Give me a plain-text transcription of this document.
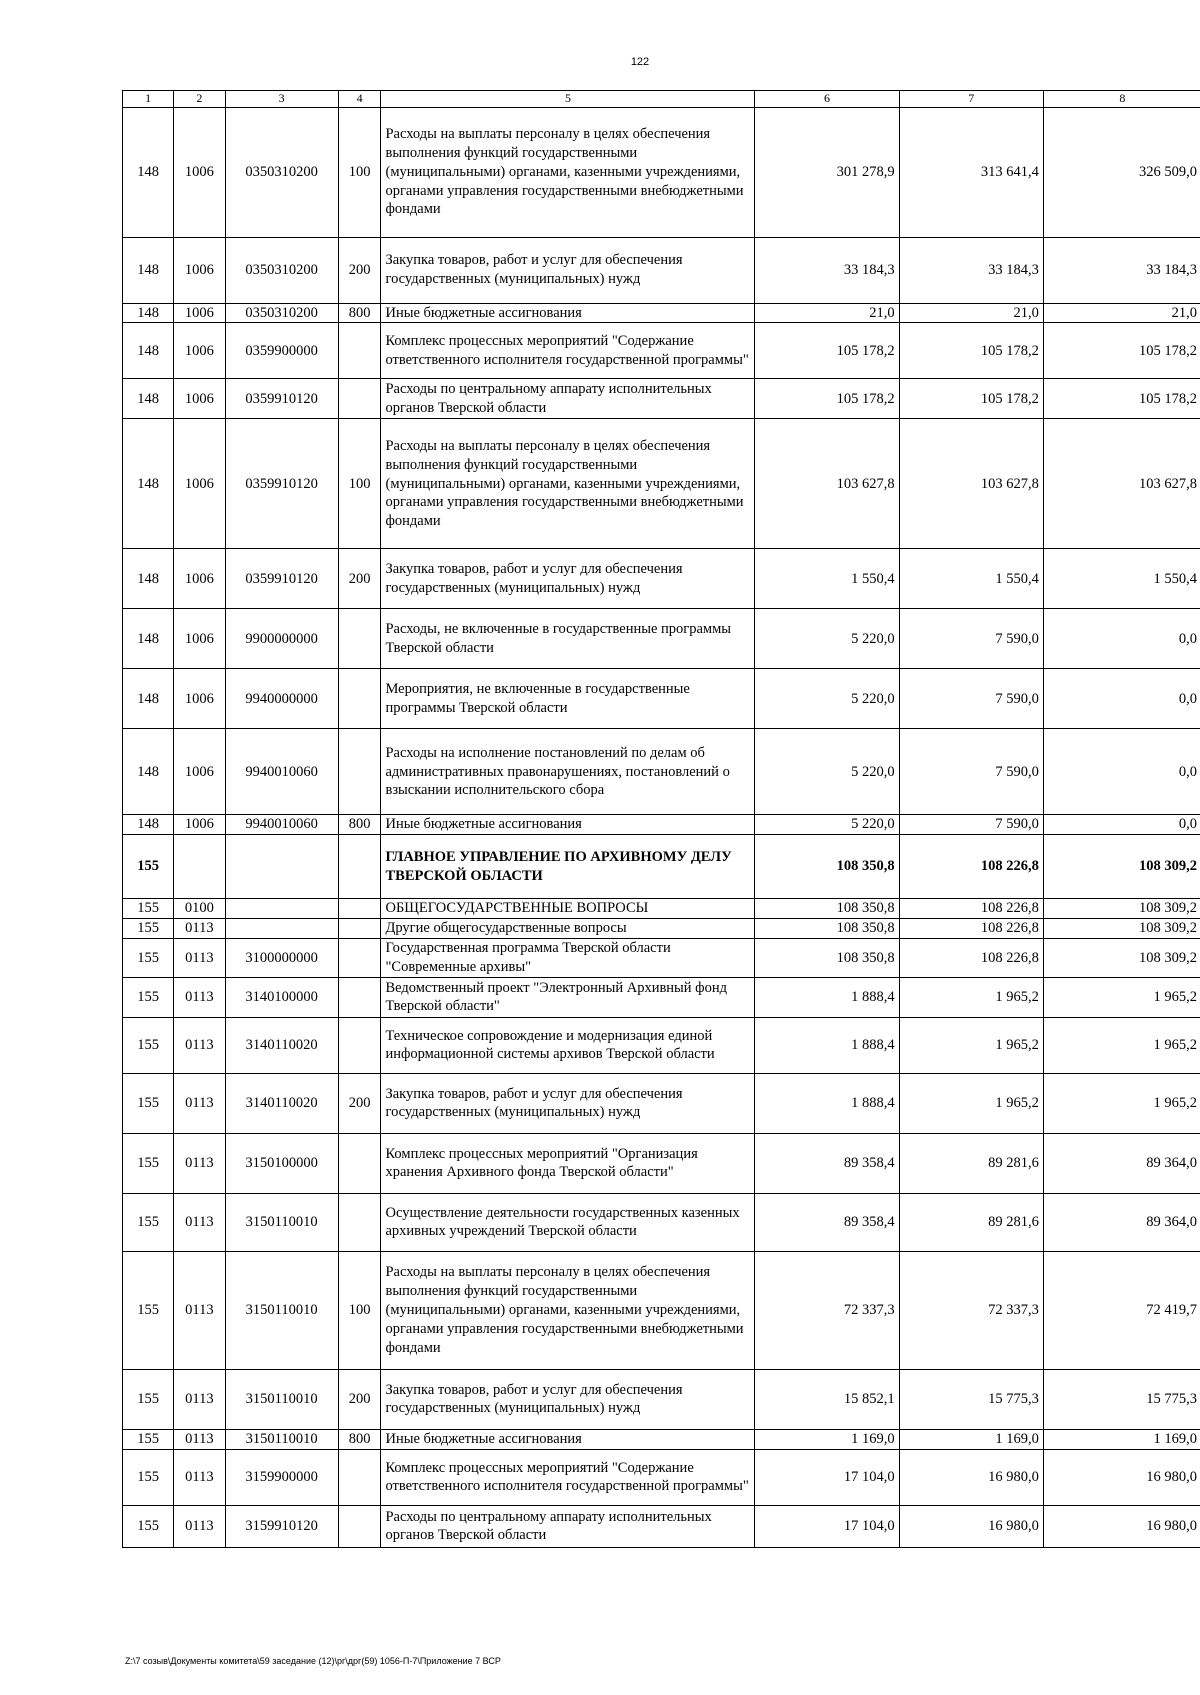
122
1	2	3	4	5	6	7	8
148	1006	0350310200	100	Расходы на выплаты персоналу в целях обеспечения выполнения функций государственными (муниципальными) органами, казенными учреждениями, органами управления государственными внебюджетными фондами	301 278,9	313 641,4	326 509,0
148	1006	0350310200	200	Закупка товаров, работ и услуг для обеспечения государственных (муниципальных) нужд	33 184,3	33 184,3	33 184,3
148	1006	0350310200	800	Иные бюджетные ассигнования	21,0	21,0	21,0
148	1006	0359900000		Комплекс процессных мероприятий "Содержание ответственного исполнителя государственной программы"	105 178,2	105 178,2	105 178,2
148	1006	0359910120		Расходы по центральному аппарату исполнительных органов Тверской области	105 178,2	105 178,2	105 178,2
148	1006	0359910120	100	Расходы на выплаты персоналу в целях обеспечения выполнения функций государственными (муниципальными) органами, казенными учреждениями, органами управления государственными внебюджетными фондами	103 627,8	103 627,8	103 627,8
148	1006	0359910120	200	Закупка товаров, работ и услуг для обеспечения государственных (муниципальных) нужд	1 550,4	1 550,4	1 550,4
148	1006	9900000000		Расходы, не включенные в государственные программы Тверской области	5 220,0	7 590,0	0,0
148	1006	9940000000		Мероприятия, не включенные в государственные программы Тверской области	5 220,0	7 590,0	0,0
148	1006	9940010060		Расходы на исполнение постановлений по делам об административных правонарушениях, постановлений о взыскании исполнительского сбора	5 220,0	7 590,0	0,0
148	1006	9940010060	800	Иные бюджетные ассигнования	5 220,0	7 590,0	0,0
155				ГЛАВНОЕ УПРАВЛЕНИЕ ПО АРХИВНОМУ ДЕЛУ ТВЕРСКОЙ ОБЛАСТИ	108 350,8	108 226,8	108 309,2
155	0100			ОБЩЕГОСУДАРСТВЕННЫЕ ВОПРОСЫ	108 350,8	108 226,8	108 309,2
155	0113			Другие общегосударственные вопросы	108 350,8	108 226,8	108 309,2
155	0113	3100000000		Государственная программа Тверской области "Современные архивы"	108 350,8	108 226,8	108 309,2
155	0113	3140100000		Ведомственный проект "Электронный Архивный фонд Тверской области"	1 888,4	1 965,2	1 965,2
155	0113	3140110020		Техническое сопровождение и модернизация единой информационной системы архивов Тверской области	1 888,4	1 965,2	1 965,2
155	0113	3140110020	200	Закупка товаров, работ и услуг для обеспечения государственных (муниципальных) нужд	1 888,4	1 965,2	1 965,2
155	0113	3150100000		Комплекс процессных мероприятий "Организация хранения Архивного фонда Тверской области"	89 358,4	89 281,6	89 364,0
155	0113	3150110010		Осуществление деятельности государственных казенных архивных учреждений Тверской области	89 358,4	89 281,6	89 364,0
155	0113	3150110010	100	Расходы на выплаты персоналу в целях обеспечения выполнения функций государственными (муниципальными) органами, казенными учреждениями, органами управления государственными внебюджетными фондами	72 337,3	72 337,3	72 419,7
155	0113	3150110010	200	Закупка товаров, работ и услуг для обеспечения государственных (муниципальных) нужд	15 852,1	15 775,3	15 775,3
155	0113	3150110010	800	Иные бюджетные ассигнования	1 169,0	1 169,0	1 169,0
155	0113	3159900000		Комплекс процессных мероприятий "Содержание ответственного исполнителя государственной программы"	17 104,0	16 980,0	16 980,0
155	0113	3159910120		Расходы по центральному аппарату исполнительных органов Тверской области	17 104,0	16 980,0	16 980,0
Z:\7 созыв\Документы комитета\59 заседание (12)\рг\дрг(59) 1056-П-7\Приложение 7 ВСР
